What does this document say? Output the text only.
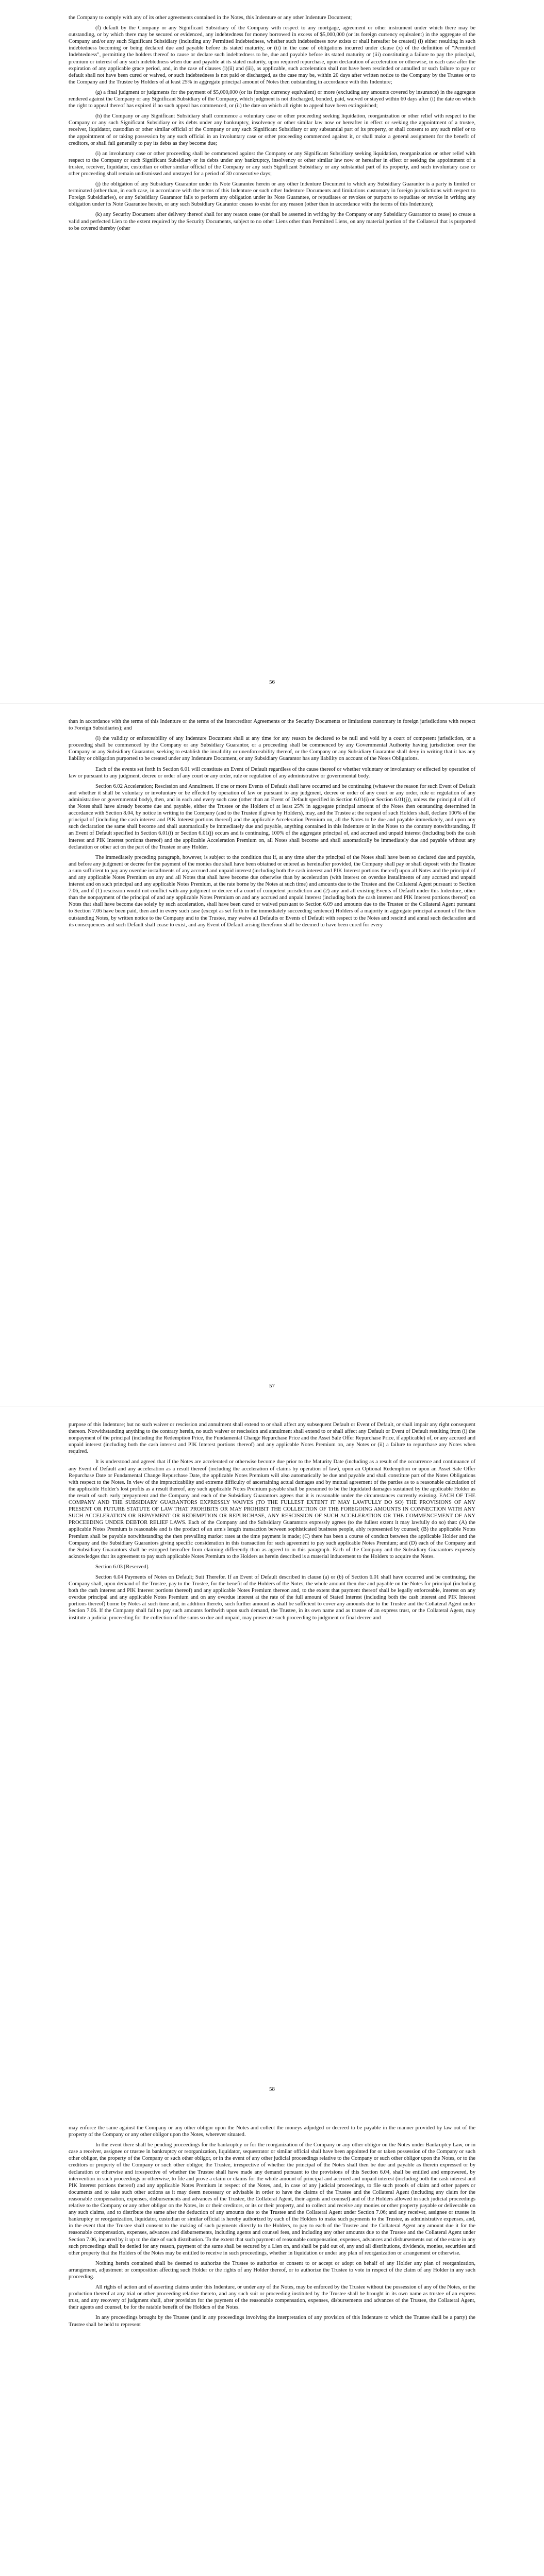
the Company to comply with any of its other agreements contained in the Notes, this Indenture or any other Indenture Document;

(f) default by the Company or any Significant Subsidiary of the Company with respect to any mortgage, agreement or other instrument under which there may be outstanding, or by which there may be secured or evidenced, any indebtedness for money borrowed in excess of $5,000,000 (or its foreign currency equivalent) in the aggregate of the Company and/or any such Significant Subsidiary (including any Permitted Indebtedness, whether such indebtedness now exists or shall hereafter be created) (i) either resulting in such indebtedness becoming or being declared due and payable before its stated maturity, or (ii) in the case of obligations incurred under clause (x) of the definition of "Permitted Indebtedness", permitting the holders thereof to cause or declare such indebtedness to be, due and payable before its stated maturity or (iii) constituting a failure to pay the principal, premium or interest of any such indebtedness when due and payable at its stated maturity, upon required repurchase, upon declaration of acceleration or otherwise, in each case after the expiration of any applicable grace period, and, in the case of clauses (i)(ii) and (iii), as applicable, such acceleration shall not have been rescinded or annulled or such failure to pay or default shall not have been cured or waived, or such indebtedness is not paid or discharged, as the case may be, within 20 days after written notice to the Company by the Trustee or to the Company and the Trustee by Holders of at least 25% in aggregate principal amount of Notes then outstanding in accordance with this Indenture;

(g) a final judgment or judgments for the payment of $5,000,000 (or its foreign currency equivalent) or more (excluding any amounts covered by insurance) in the aggregate rendered against the Company or any Significant Subsidiary of the Company, which judgment is not discharged, bonded, paid, waived or stayed within 60 days after (i) the date on which the right to appeal thereof has expired if no such appeal has commenced, or (ii) the date on which all rights to appeal have been extinguished;

(h) the Company or any Significant Subsidiary shall commence a voluntary case or other proceeding seeking liquidation, reorganization or other relief with respect to the Company or any such Significant Subsidiary or its debts under any bankruptcy, insolvency or other similar law now or hereafter in effect or seeking the appointment of a trustee, receiver, liquidator, custodian or other similar official of the Company or any such Significant Subsidiary or any substantial part of its property, or shall consent to any such relief or to the appointment of or taking possession by any such official in an involuntary case or other proceeding commenced against it, or shall make a general assignment for the benefit of creditors, or shall fail generally to pay its debts as they become due;

(i) an involuntary case or other proceeding shall be commenced against the Company or any Significant Subsidiary seeking liquidation, reorganization or other relief with respect to the Company or such Significant Subsidiary or its debts under any bankruptcy, insolvency or other similar law now or hereafter in effect or seeking the appointment of a trustee, receiver, liquidator, custodian or other similar official of the Company or any such Significant Subsidiary or any substantial part of its property, and such involuntary case or other proceeding shall remain undismissed and unstayed for a period of 30 consecutive days;

(j) the obligation of any Subsidiary Guarantor under its Note Guarantee herein or any other Indenture Document to which any Subsidiary Guarantor is a party is limited or terminated (other than, in each case, in accordance with the terms of this Indenture or such other Indenture Documents and limitations customary in foreign jurisdictions with respect to Foreign Subsidiaries), or any Subsidiary Guarantor fails to perform any obligation under its Note Guarantee, or repudiates or revokes or purports to repudiate or revoke in writing any obligation under its Note Guarantee herein, or any such Subsidiary Guarantor ceases to exist for any reason (other than in accordance with the terms of this Indenture);

(k) any Security Document after delivery thereof shall for any reason cease (or shall be asserted in writing by the Company or any Subsidiary Guarantor to cease) to create a valid and perfected Lien to the extent required by the Security Documents, subject to no other Liens other than Permitted Liens, on any material portion of the Collateral that is purported to be covered thereby (other

56

than in accordance with the terms of this Indenture or the terms of the Intercreditor Agreements or the Security Documents or limitations customary in foreign jurisdictions with respect to Foreign Subsidiaries); and

(l) the validity or enforceability of any Indenture Document shall at any time for any reason be declared to be null and void by a court of competent jurisdiction, or a proceeding shall be commenced by the Company or any Subsidiary Guarantor, or a proceeding shall be commenced by any Governmental Authority having jurisdiction over the Company or any Subsidiary Guarantor, seeking to establish the invalidity or unenforceability thereof, or the Company or any Subsidiary Guarantor shall deny in writing that it has any liability or obligation purported to be created under any Indenture Document, or any Subsidiary Guarantor has any liability on account of the Notes Obligations.

Each of the events set forth in Section 6.01 will constitute an Event of Default regardless of the cause thereof or whether voluntary or involuntary or effected by operation of law or pursuant to any judgment, decree or order of any court or any order, rule or regulation of any administrative or governmental body.

Section 6.02 Acceleration; Rescission and Annulment. If one or more Events of Default shall have occurred and be continuing (whatever the reason for such Event of Default and whether it shall be voluntary or involuntary or be effected by operation of law or pursuant to any judgment, decree or order of any court or any order, rule or regulation of any administrative or governmental body), then, and in each and every such case (other than an Event of Default specified in Section 6.01(i) or Section 6.01(j)), unless the principal of all of the Notes shall have already become due and payable, either the Trustee or the Holders of at least 25% in aggregate principal amount of the Notes then outstanding determined in accordance with Section 8.04, by notice in writing to the Company (and to the Trustee if given by Holders), may, and the Trustee at the request of such Holders shall, declare 100% of the principal of (including the cash interest and PIK Interest portions thereof) and the applicable Acceleration Premium on, all the Notes to be due and payable immediately, and upon any such declaration the same shall become and shall automatically be immediately due and payable, anything contained in this Indenture or in the Notes to the contrary notwithstanding. If an Event of Default specified in Section 6.01(i) or Section 6.01(j) occurs and is continuing, 100% of the aggregate principal of, and accrued and unpaid interest (including both the cash interest and PIK Interest portions thereof) and the applicable Acceleration Premium on, all Notes shall become and shall automatically be immediately due and payable without any declaration or other act on the part of the Trustee or any Holder.

The immediately preceding paragraph, however, is subject to the condition that if, at any time after the principal of the Notes shall have been so declared due and payable, and before any judgment or decree for the payment of the monies due shall have been obtained or entered as hereinafter provided, the Company shall pay or shall deposit with the Trustee a sum sufficient to pay any overdue installments of any accrued and unpaid interest (including both the cash interest and PIK Interest portions thereof) upon all Notes and the principal of and any applicable Notes Premium on any and all Notes that shall have become due otherwise than by acceleration (with interest on overdue installments of any accrued and unpaid interest and on such principal and any applicable Notes Premium, at the rate borne by the Notes at such time) and amounts due to the Trustee and the Collateral Agent pursuant to Section 7.06, and if (1) rescission would not conflict with any judgment or decree of a court of competent jurisdiction and (2) any and all existing Events of Default under this Indenture, other than the nonpayment of the principal of and any applicable Notes Premium on and any accrued and unpaid interest (including both the cash interest and PIK Interest portions thereof) on Notes that shall have become due solely by such acceleration, shall have been cured or waived pursuant to Section 6.09 and amounts due to the Trustee or the Collateral Agent pursuant to Section 7.06 have been paid, then and in every such case (except as set forth in the immediately succeeding sentence) Holders of a majority in aggregate principal amount of the then outstanding Notes, by written notice to the Company and to the Trustee, may waive all Defaults or Events of Default with respect to the Notes and rescind and annul such declaration and its consequences and such Default shall cease to exist, and any Event of Default arising therefrom shall be deemed to have been cured for every

57

purpose of this Indenture; but no such waiver or rescission and annulment shall extend to or shall affect any subsequent Default or Event of Default, or shall impair any right consequent thereon. Notwithstanding anything to the contrary herein, no such waiver or rescission and annulment shall extend to or shall affect any Default or Event of Default resulting from (i) the nonpayment of the principal (including the Redemption Price, the Fundamental Change Repurchase Price and the Asset Sale Offer Repurchase Price, if applicable) of, or any accrued and unpaid interest (including both the cash interest and PIK Interest portions thereof) and any applicable Notes Premium on, any Notes or (ii) a failure to repurchase any Notes when required.

It is understood and agreed that if the Notes are accelerated or otherwise become due prior to the Maturity Date (including as a result of the occurrence and continuance of any Event of Default and any acceleration as a result thereof (including the acceleration of claims by operation of law), upon an Optional Redemption or upon an Asset Sale Offer Repurchase Date or Fundamental Change Repurchase Date, the applicable Notes Premium will also automatically be due and payable and shall constitute part of the Notes Obligations with respect to the Notes. In view of the impracticability and extreme difficulty of ascertaining actual damages and by mutual agreement of the parties as to a reasonable calculation of the applicable Holder's lost profits as a result thereof, any such applicable Notes Premium payable shall be presumed to be the liquidated damages sustained by the applicable Holder as the result of such early prepayment and the Company and each of the Subsidiary Guarantors agrees that it is reasonable under the circumstances currently existing. EACH OF THE COMPANY AND THE SUBSIDIARY GUARANTORS EXPRESSLY WAIVES (TO THE FULLEST EXTENT IT MAY LAWFULLY DO SO) THE PROVISIONS OF ANY PRESENT OR FUTURE STATUTE OF LAW THAT PROHIBITS OR MAY PROHIBIT THE COLLECTION OF THE FOREGOING AMOUNTS IN CONNECTION WITH ANY SUCH ACCELERATION OR REPAYMENT OR REDEMPTION OR REPURCHASE, ANY RESCISSION OF SUCH ACCELERATION OR THE COMMENCEMENT OF ANY PROCEEDING UNDER DEBTOR RELIEF LAWS. Each of the Company and the Subsidiary Guarantors expressly agrees (to the fullest extent it may lawfully do so) that: (A) the applicable Notes Premium is reasonable and is the product of an arm's length transaction between sophisticated business people, ably represented by counsel; (B) the applicable Notes Premium shall be payable notwithstanding the then prevailing market rates at the time payment is made; (C) there has been a course of conduct between the applicable Holder and the Company and the Subsidiary Guarantors giving specific consideration in this transaction for such agreement to pay such applicable Notes Premium; and (D) each of the Company and the Subsidiary Guarantors shall be estopped hereafter from claiming differently than as agreed to in this paragraph. Each of the Company and the Subsidiary Guarantors expressly acknowledges that its agreement to pay such applicable Notes Premium to the Holders as herein described is a material inducement to the Holders to acquire the Notes.

Section 6.03 [Reserved].

Section 6.04 Payments of Notes on Default; Suit Therefor. If an Event of Default described in clause (a) or (b) of Section 6.01 shall have occurred and be continuing, the Company shall, upon demand of the Trustee, pay to the Trustee, for the benefit of the Holders of the Notes, the whole amount then due and payable on the Notes for principal (including both the cash interest and PIK Interest portions thereof) and any applicable Notes Premium thereon and, to the extent that payment thereof shall be legally enforceable, interest on any overdue principal and any applicable Notes Premium and on any overdue interest at the rate of the full amount of Stated Interest (including both the cash interest and PIK Interest portions thereof) borne by Notes at such time and, in addition thereto, such further amount as shall be sufficient to cover any amounts due to the Trustee and the Collateral Agent under Section 7.06. If the Company shall fail to pay such amounts forthwith upon such demand, the Trustee, in its own name and as trustee of an express trust, or the Collateral Agent, may institute a judicial proceeding for the collection of the sums so due and unpaid, may prosecute such proceeding to judgment or final decree and

58

may enforce the same against the Company or any other obligor upon the Notes and collect the moneys adjudged or decreed to be payable in the manner provided by law out of the property of the Company or any other obligor upon the Notes, wherever situated.

In the event there shall be pending proceedings for the bankruptcy or for the reorganization of the Company or any other obligor on the Notes under Bankruptcy Law, or in case a receiver, assignee or trustee in bankruptcy or reorganization, liquidator, sequestrator or similar official shall have been appointed for or taken possession of the Company or such other obligor, the property of the Company or such other obligor, or in the event of any other judicial proceedings relative to the Company or such other obligor upon the Notes, or to the creditors or property of the Company or such other obligor, the Trustee, irrespective of whether the principal of the Notes shall then be due and payable as therein expressed or by declaration or otherwise and irrespective of whether the Trustee shall have made any demand pursuant to the provisions of this Section 6.04, shall be entitled and empowered, by intervention in such proceedings or otherwise, to file and prove a claim or claims for the whole amount of principal and accrued and unpaid interest (including both the cash interest and PIK Interest portions thereof) and any applicable Notes Premium in respect of the Notes, and, in case of any judicial proceedings, to file such proofs of claim and other papers or documents and to take such other actions as it may deem necessary or advisable in order to have the claims of the Trustee and the Collateral Agent (including any claim for the reasonable compensation, expenses, disbursements and advances of the Trustee, the Collateral Agent, their agents and counsel) and of the Holders allowed in such judicial proceedings relative to the Company or any other obligor on the Notes, its or their creditors, or its or their property, and to collect and receive any monies or other property payable or deliverable on any such claims, and to distribute the same after the deduction of any amounts due to the Trustee and the Collateral Agent under Section 7.06; and any receiver, assignee or trustee in bankruptcy or reorganization, liquidator, custodian or similar official is hereby authorized by each of the Holders to make such payments to the Trustee, as administrative expenses, and, in the event that the Trustee shall consent to the making of such payments directly to the Holders, to pay to each of the Trustee and the Collateral Agent any amount due it for the reasonable compensation, expenses, advances and disbursements, including agents and counsel fees, and including any other amounts due to the Trustee and the Collateral Agent under Section 7.06, incurred by it up to the date of such distribution. To the extent that such payment of reasonable compensation, expenses, advances and disbursements out of the estate in any such proceedings shall be denied for any reason, payment of the same shall be secured by a Lien on, and shall be paid out of, any and all distributions, dividends, monies, securities and other property that the Holders of the Notes may be entitled to receive in such proceedings, whether in liquidation or under any plan of reorganization or arrangement or otherwise.

Nothing herein contained shall be deemed to authorize the Trustee to authorize or consent to or accept or adopt on behalf of any Holder any plan of reorganization, arrangement, adjustment or composition affecting such Holder or the rights of any Holder thereof, or to authorize the Trustee to vote in respect of the claim of any Holder in any such proceeding.

All rights of action and of asserting claims under this Indenture, or under any of the Notes, may be enforced by the Trustee without the possession of any of the Notes, or the production thereof at any trial or other proceeding relative thereto, and any such suit or proceeding instituted by the Trustee shall be brought in its own name as trustee of an express trust, and any recovery of judgment shall, after provision for the payment of the reasonable compensation, expenses, disbursements and advances of the Trustee, the Collateral Agent, their agents and counsel, be for the ratable benefit of the Holders of the Notes.

In any proceedings brought by the Trustee (and in any proceedings involving the interpretation of any provision of this Indenture to which the Trustee shall be a party) the Trustee shall be held to represent
